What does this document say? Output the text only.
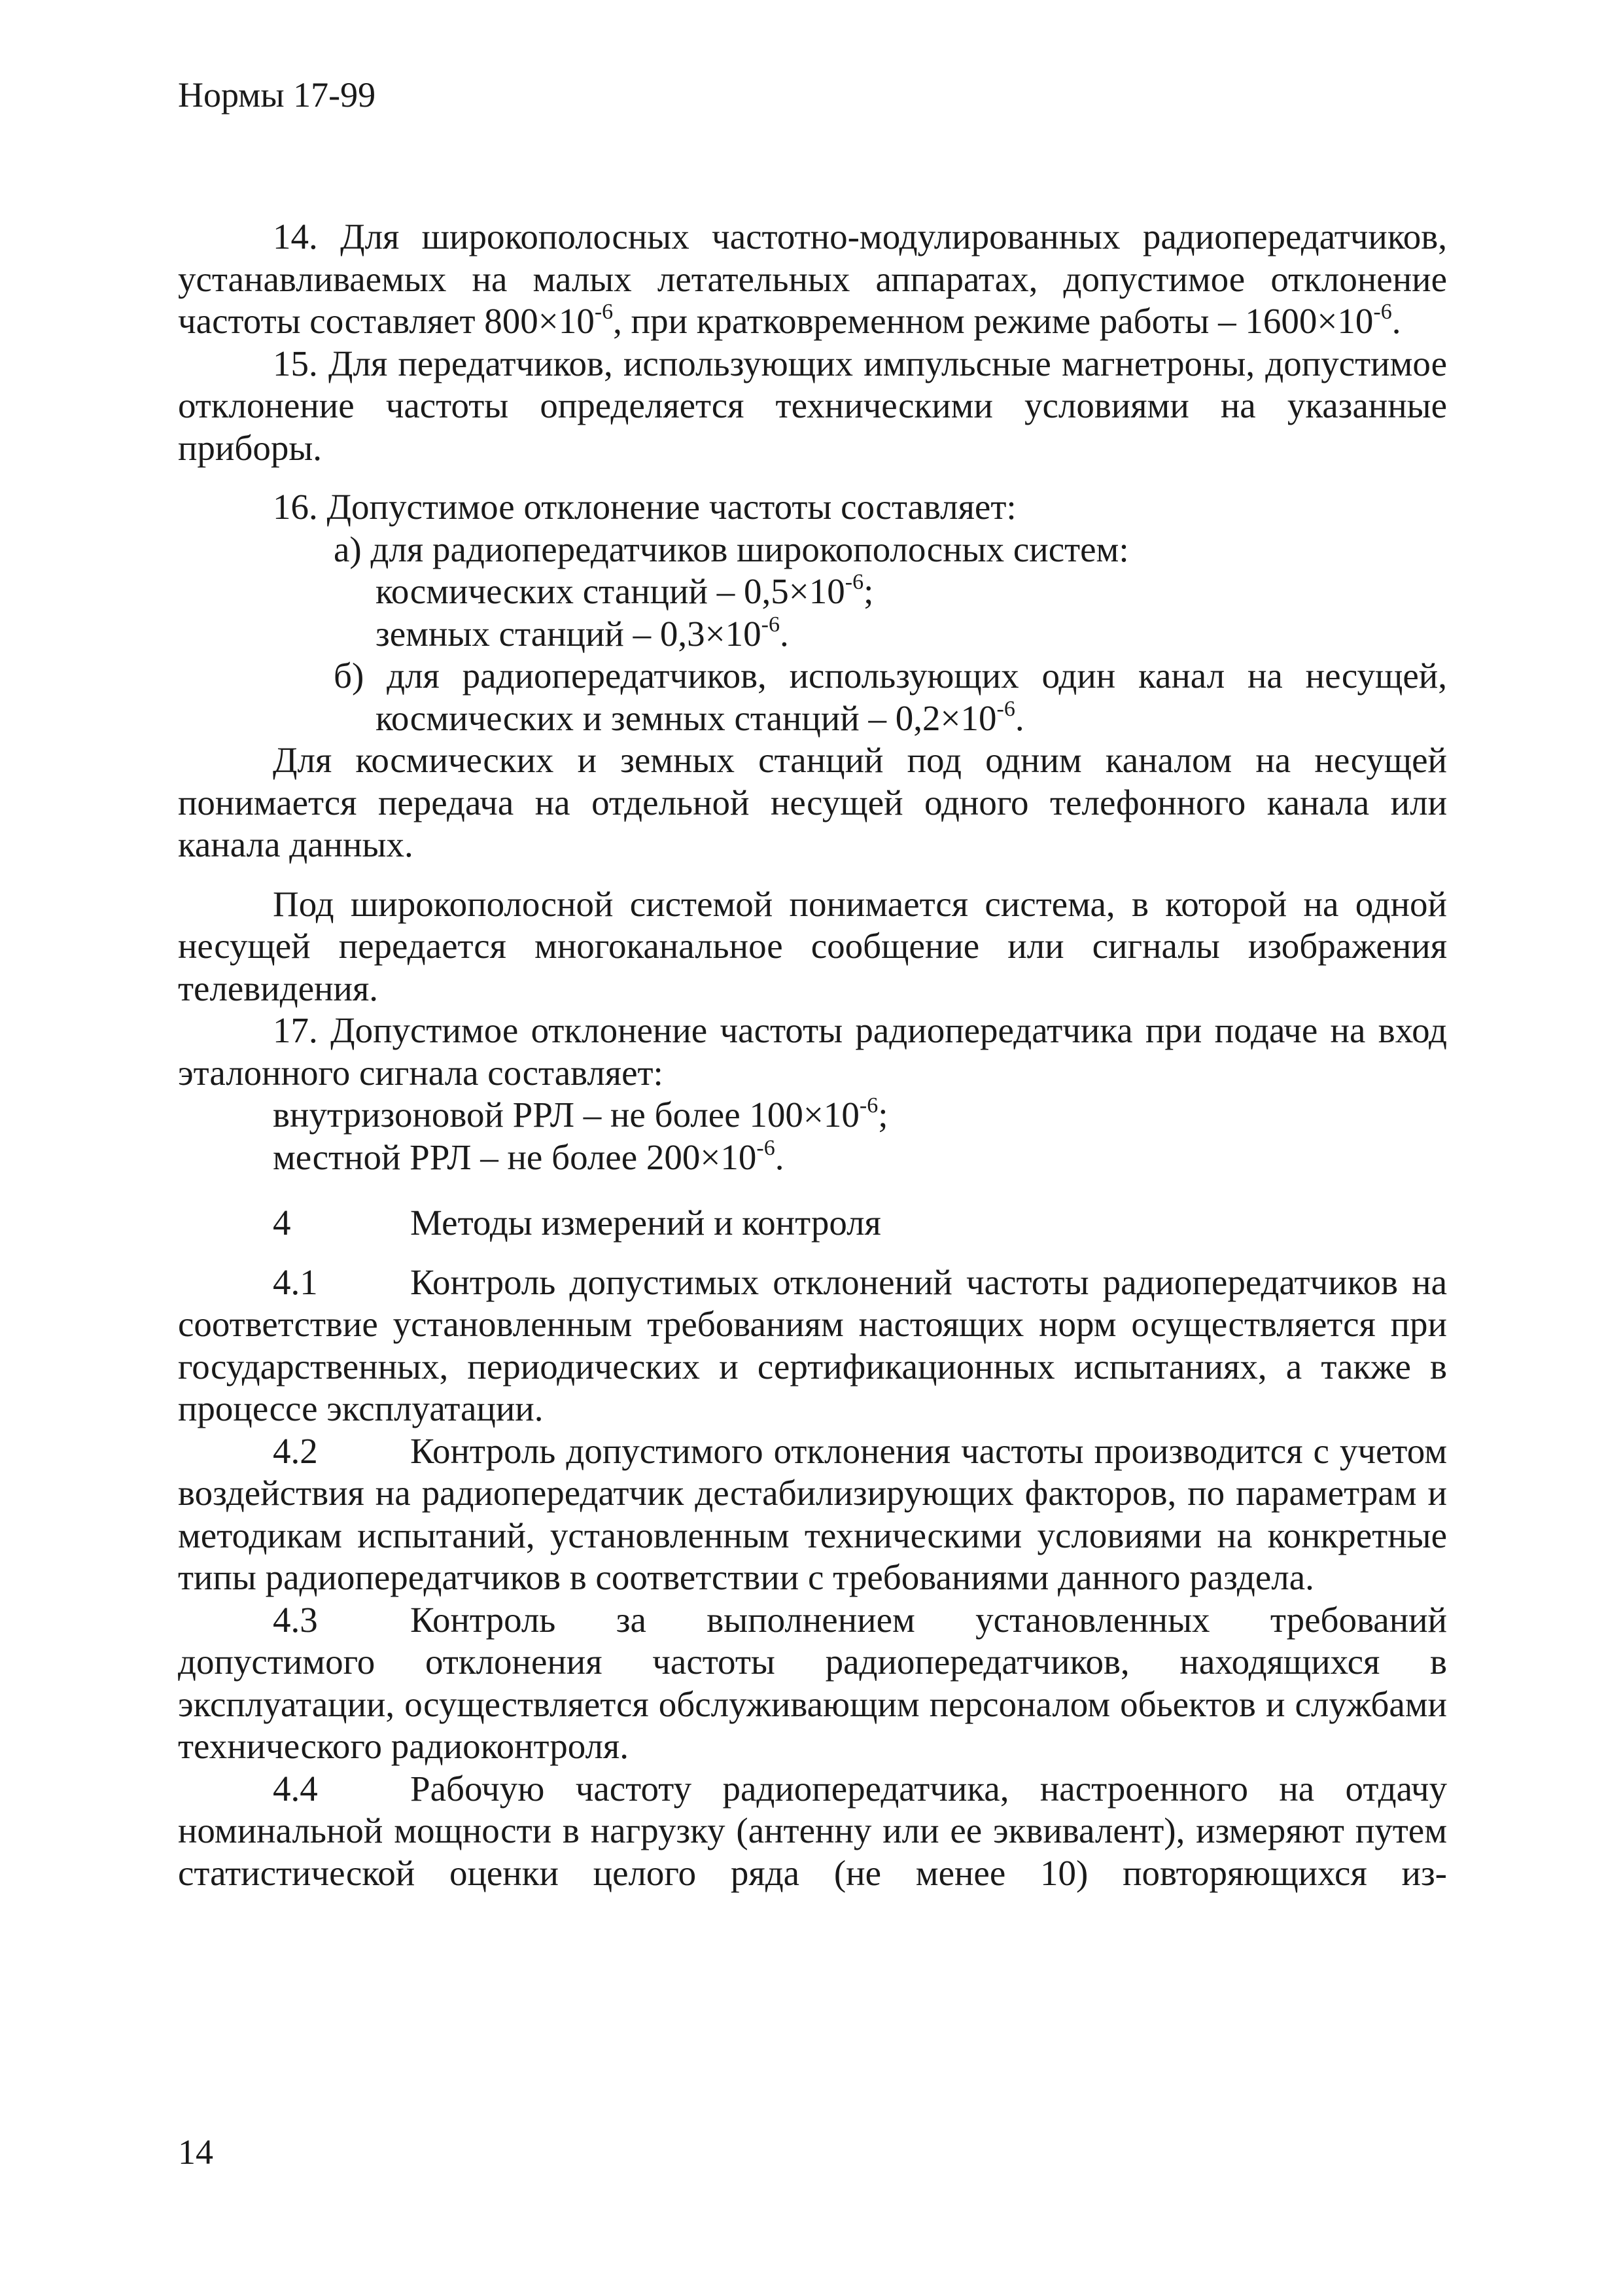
Нормы 17-99

14. Для широкополосных частотно-модулированных радиопередатчиков, устанавливаемых на малых летательных аппаратах, допустимое отклонение частоты составляет $800\times 10^{-6}$, при кратковременном режиме работы – $1600\times 10^{-6}$.

15. Для передатчиков, использующих импульсные магнетроны, допустимое отклонение частоты определяется техническими условиями на указанные приборы.

16. Допустимое отклонение частоты составляет:

а) для радиопередатчиков широкополосных систем:

космических станций – $0,5\times 10^{-6}$;

земных станций – $0,3\times 10^{-6}$.

б) для радиопередатчиков, использующих один канал на несущей, космических и земных станций – $0,2\times 10^{-6}$.

Для космических и земных станций под одним каналом на несущей понимается передача на отдельной несущей одного телефонного канала или канала данных.

Под широкополосной системой понимается система, в которой на одной несущей передается многоканальное сообщение или сигналы изображения телевидения.

17. Допустимое отклонение частоты радиопередатчика при подаче на вход эталонного сигнала составляет:

внутризоновой РРЛ – не более $100\times 10^{-6}$;

местной РРЛ – не более $200\times 10^{-6}$.

4	Методы измерений и контроля

4.1	Контроль допустимых отклонений частоты радиопередатчиков на соответствие установленным требованиям настоящих норм осуществляется при государственных, периодических и сертификационных испытаниях, а также в процессе эксплуатации.

4.2	Контроль допустимого отклонения частоты производится с учетом воздействия на радиопередатчик дестабилизирующих факторов, по параметрам и методикам испытаний, установленным техническими условиями на конкретные типы радиопередатчиков в соответствии с требованиями данного раздела.

4.3	Контроль за выполнением установленных требований допустимого отклонения частоты радиопередатчиков, находящихся в эксплуатации, осуществляется обслуживающим персоналом обьектов и службами технического радиоконтроля.

4.4	Рабочую частоту радиопередатчика, настроенного на отдачу номинальной мощности в нагрузку (антенну или ее эквивалент), измеряют путем статистической оценки целого ряда (не менее 10) повторяющихся из-

14
